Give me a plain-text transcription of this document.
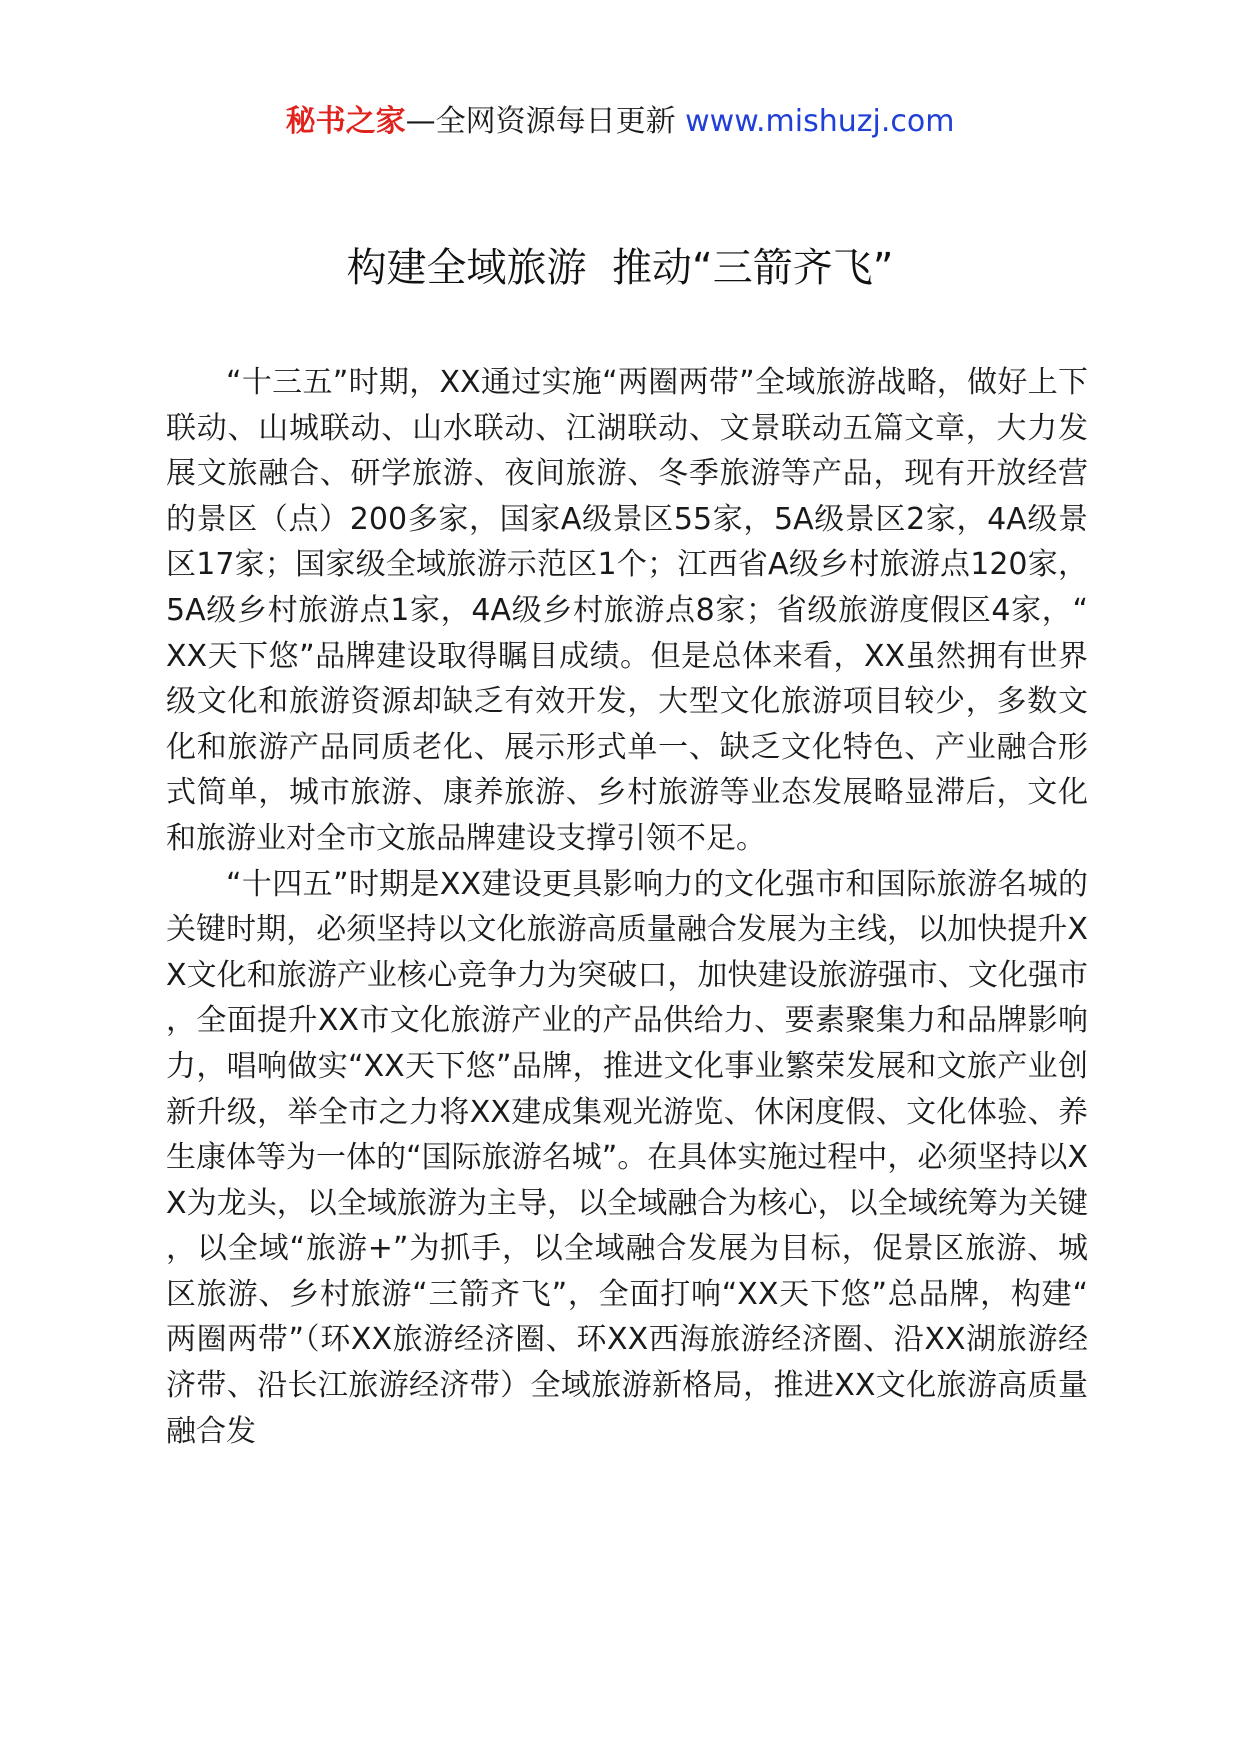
秘书之家—全网资源每日更新 www.mishuzj.com
构建全域旅游  推动“三箭齐飞”

“十三五”时期，XX通过实施“两圈两带”全域旅游战略，做好上下联动、山城联动、山水联动、江湖联动、文景联动五篇文章，大力发展文旅融合、研学旅游、夜间旅游、冬季旅游等产品，现有开放经营的景区（点）200多家，国家A级景区55家，5A级景区2家，4A级景区17家；国家级全域旅游示范区1个；江西省A级乡村旅游点120家，5A级乡村旅游点1家，4A级乡村旅游点8家；省级旅游度假区4家，“XX天下悠”品牌建设取得瞩目成绩。但是总体来看，XX虽然拥有世界级文化和旅游资源却缺乏有效开发，大型文化旅游项目较少，多数文化和旅游产品同质老化、展示形式单一、缺乏文化特色、产业融合形式简单，城市旅游、康养旅游、乡村旅游等业态发展略显滞后，文化和旅游业对全市文旅品牌建设支撑引领不足。

“十四五”时期是XX建设更具影响力的文化强市和国际旅游名城的关键时期，必须坚持以文化旅游高质量融合发展为主线，以加快提升XX文化和旅游产业核心竞争力为突破口，加快建设旅游强市、文化强市，全面提升XX市文化旅游产业的产品供给力、要素聚集力和品牌影响力，唱响做实“XX天下悠”品牌，推进文化事业繁荣发展和文旅产业创新升级，举全市之力将XX建成集观光游览、休闲度假、文化体验、养生康体等为一体的“国际旅游名城”。在具体实施过程中，必须坚持以XX为龙头，以全域旅游为主导，以全域融合为核心，以全域统筹为关键，以全域“旅游+”为抓手，以全域融合发展为目标，促景区旅游、城区旅游、乡村旅游“三箭齐飞”，全面打响“XX天下悠”总品牌，构建“两圈两带”（环XX旅游经济圈、环XX西海旅游经济圈、沿XX湖旅游经济带、沿长江旅游经济带）全域旅游新格局，推进XX文化旅游高质量融合发
